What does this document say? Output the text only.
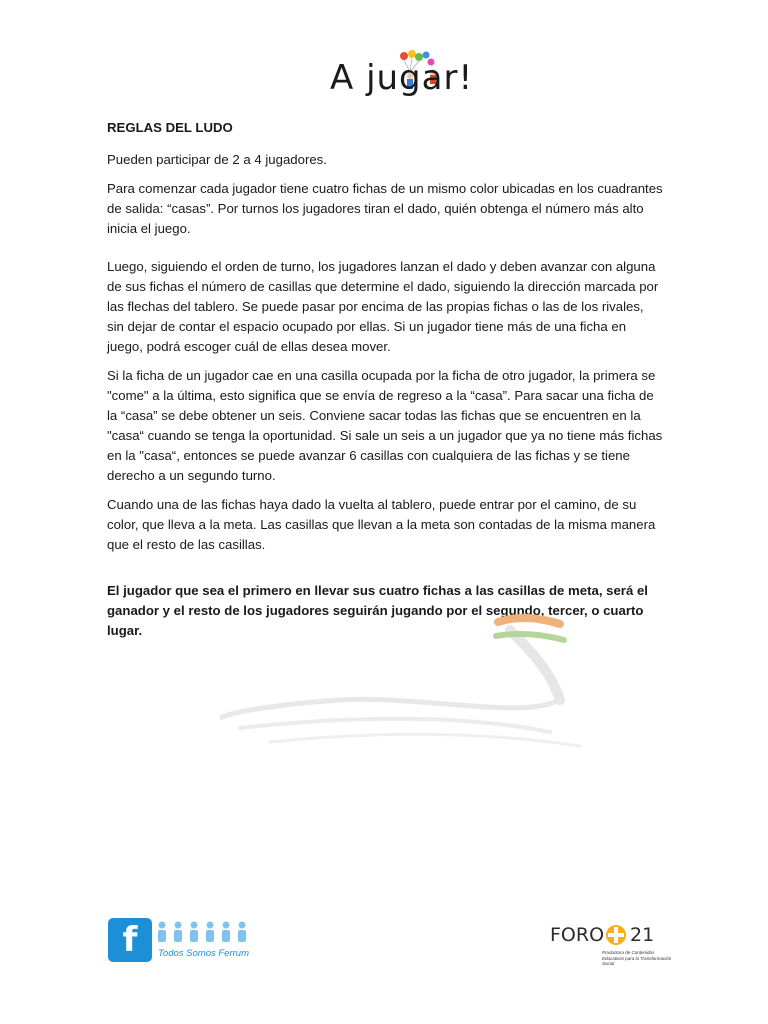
A jugar!
REGLAS DEL LUDO

Pueden participar de 2 a 4 jugadores.

Para comenzar cada jugador tiene cuatro fichas de un mismo color ubicadas en los cuadrantes de salida: “casas”. Por turnos los jugadores tiran el dado, quién obtenga el número más alto inicia el juego.

Luego, siguiendo el orden de turno, los jugadores lanzan el dado y deben avanzar con alguna de sus fichas el número de casillas que determine el dado, siguiendo la dirección marcada por las flechas del tablero. Se puede pasar por encima de las propias fichas o las de los rivales, sin dejar de contar el espacio ocupado por ellas. Si un jugador tiene más de una ficha en juego, podrá escoger cuál de ellas desea mover.

Si la ficha de un jugador cae en una casilla ocupada por la ficha de otro jugador, la primera se "come" a la última, esto significa que se envía de regreso a la “casa”. Para sacar una ficha de la “casa” se debe obtener un seis. Conviene sacar todas las fichas que se encuentren en la "casa“ cuando se tenga la oportunidad. Si sale un seis a un jugador que ya no tiene más fichas en la "casa“, entonces se puede avanzar 6 casillas con cualquiera de las fichas y se tiene derecho a un segundo turno.

Cuando una de las fichas haya dado la vuelta al tablero, puede entrar por el camino, de su color, que lleva a la meta. Las casillas que llevan a la meta son contadas de la misma manera que el resto de las casillas.

El jugador que sea el primero en llevar sus cuatro fichas a las casillas de meta, será el ganador y el resto de los jugadores seguirán jugando por el segundo, tercer, o cuarto lugar.

f	Todos Somos Ferrum
FORO 21
Productora de Contenidos Educativos para la Transformación Social
